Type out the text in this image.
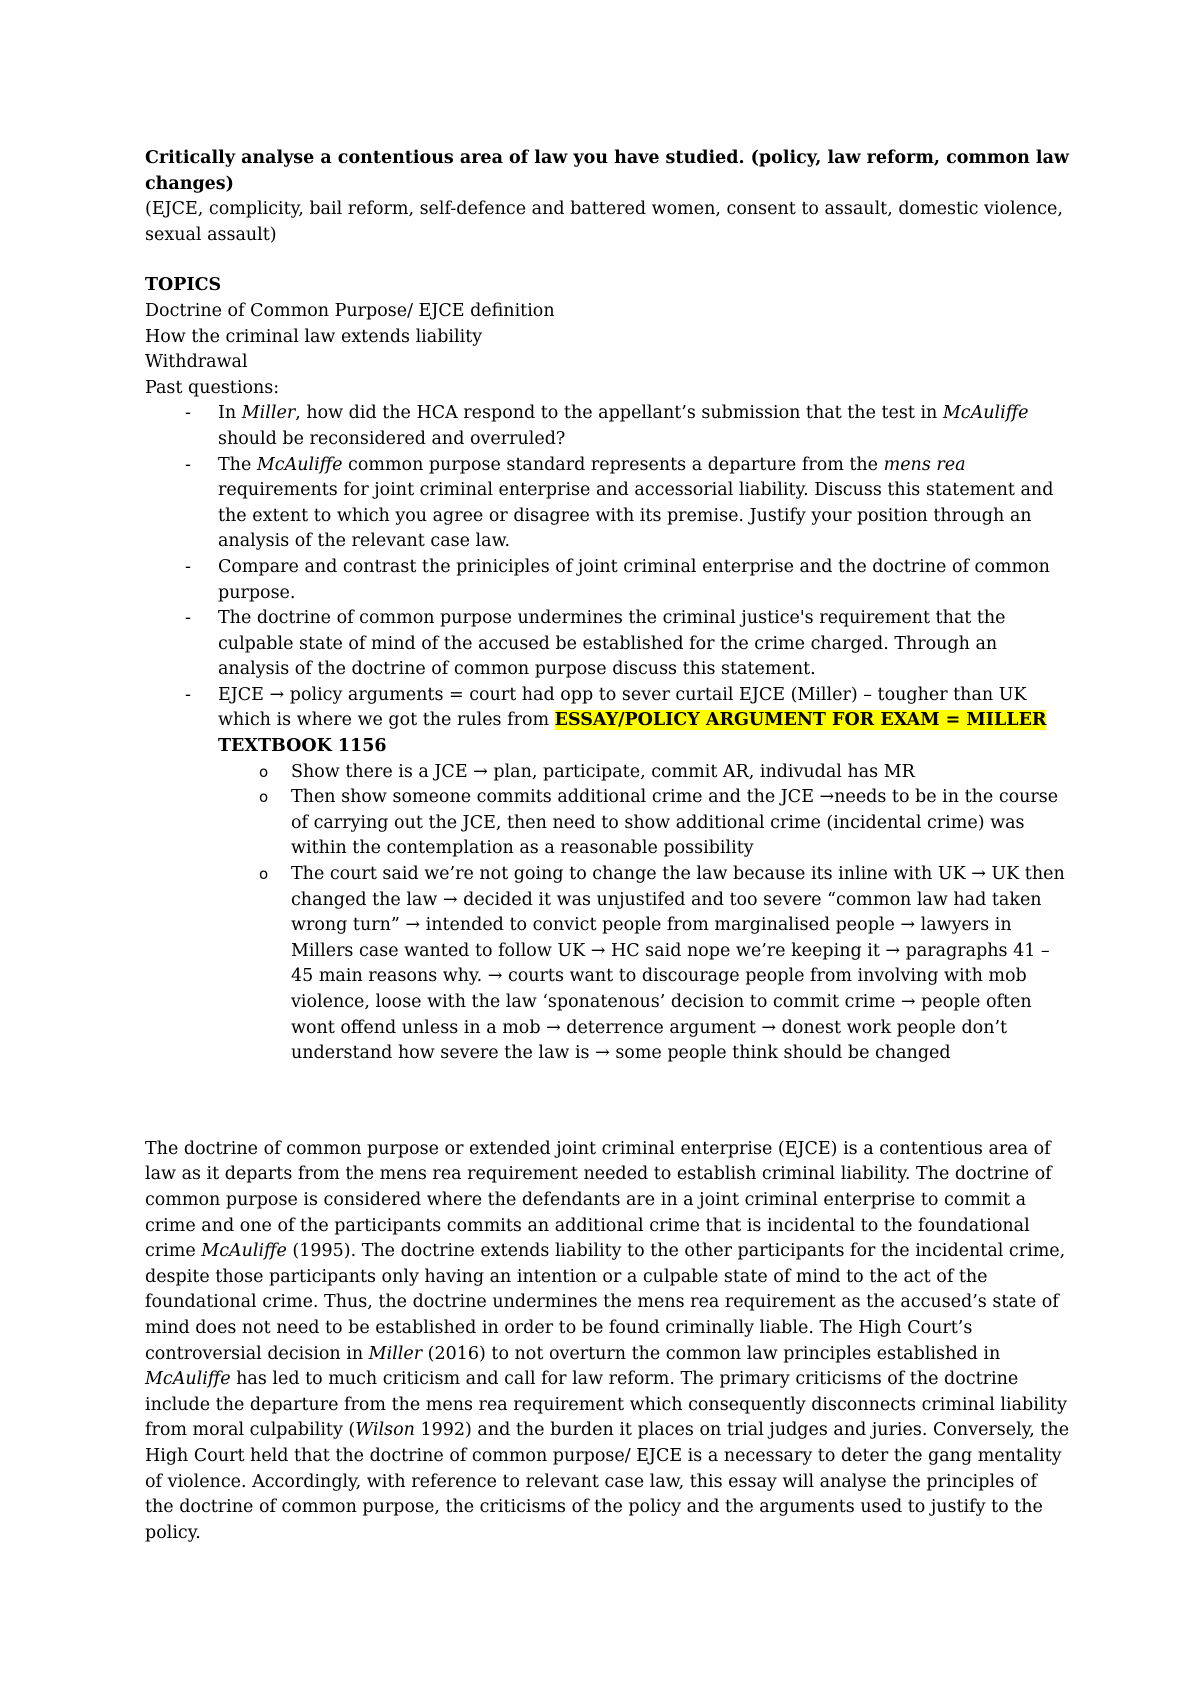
Critically analyse a contentious area of law you have studied. (policy, law reform, common law changes)

(EJCE, complicity, bail reform, self-defence and battered women, consent to assault, domestic violence, sexual assault)

TOPICS

Doctrine of Common Purpose/ EJCE definition

How the criminal law extends liability

Withdrawal

Past questions:

- In Miller, how did the HCA respond to the appellant’s submission that the test in McAuliffe should be reconsidered and overruled?
- The McAuliffe common purpose standard represents a departure from the mens rea requirements for joint criminal enterprise and accessorial liability. Discuss this statement and the extent to which you agree or disagree with its premise. Justify your position through an analysis of the relevant case law.
- Compare and contrast the priniciples of joint criminal enterprise and the doctrine of common purpose.
- The doctrine of common purpose undermines the criminal justice's requirement that the culpable state of mind of the accused be established for the crime charged. Through an analysis of the doctrine of common purpose discuss this statement.
- EJCE → policy arguments = court had opp to sever curtail EJCE (Miller) – tougher than UK which is where we got the rules from ESSAY/POLICY ARGUMENT FOR EXAM = MILLER TEXTBOOK 1156
o Show there is a JCE → plan, participate, commit AR, indivudal has MR
o Then show someone commits additional crime and the JCE →needs to be in the course of carrying out the JCE, then need to show additional crime (incidental crime) was within the contemplation as a reasonable possibility
o The court said we’re not going to change the law because its inline with UK → UK then changed the law → decided it was unjustifed and too severe “common law had taken wrong turn” → intended to convict people from marginalised people → lawyers in Millers case wanted to follow UK → HC said nope we’re keeping it → paragraphs 41 – 45 main reasons why. → courts want to discourage people from involving with mob violence, loose with the law ‘sponatenous’ decision to commit crime → people often wont offend unless in a mob → deterrence argument → donest work people don’t understand how severe the law is → some people think should be changed

The doctrine of common purpose or extended joint criminal enterprise (EJCE) is a contentious area of law as it departs from the mens rea requirement needed to establish criminal liability. The doctrine of common purpose is considered where the defendants are in a joint criminal enterprise to commit a crime and one of the participants commits an additional crime that is incidental to the foundational crime McAuliffe (1995). The doctrine extends liability to the other participants for the incidental crime, despite those participants only having an intention or a culpable state of mind to the act of the foundational crime. Thus, the doctrine undermines the mens rea requirement as the accused’s state of mind does not need to be established in order to be found criminally liable. The High Court’s controversial decision in Miller (2016) to not overturn the common law principles established in McAuliffe has led to much criticism and call for law reform. The primary criticisms of the doctrine include the departure from the mens rea requirement which consequently disconnects criminal liability from moral culpability (Wilson 1992) and the burden it places on trial judges and juries. Conversely, the High Court held that the doctrine of common purpose/ EJCE is a necessary to deter the gang mentality of violence. Accordingly, with reference to relevant case law, this essay will analyse the principles of the doctrine of common purpose, the criticisms of the policy and the arguments used to justify to the policy.
